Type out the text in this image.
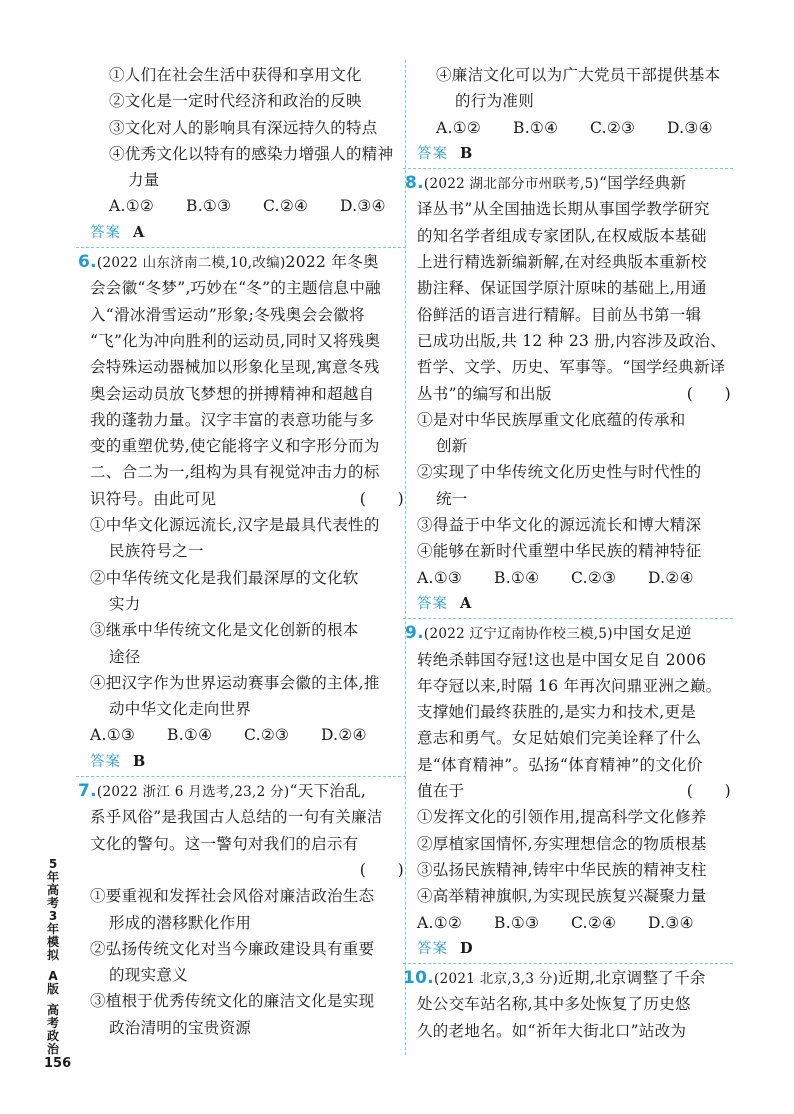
①人们在社会生活中获得和享用文化
②文化是一定时代经济和政治的反映
③文化对人的影响具有深远持久的特点
④优秀文化以特有的感染力增强人的精神
力量
A.①② B.①③ C.②④ D.③④
答案 A
6.(2022 山东济南二模,10,改编)2022 年冬奥
会会徽“冬梦”,巧妙在“冬”的主题信息中融
入“滑冰滑雪运动”形象;冬残奥会会徽将
“飞”化为冲向胜利的运动员,同时又将残奥
会特殊运动器械加以形象化呈现,寓意冬残
奥会运动员放飞梦想的拼搏精神和超越自
我的蓬勃力量。汉字丰富的表意功能与多
变的重塑优势,使它能将字义和字形分而为
二、合二为一,组构为具有视觉冲击力的标
识符号。由此可见	(　　)
①中华文化源远流长,汉字是最具代表性的
民族符号之一
②中华传统文化是我们最深厚的文化软
实力
③继承中华传统文化是文化创新的根本
途径
④把汉字作为世界运动赛事会徽的主体,推
动中华文化走向世界
A.①③ B.①④ C.②③ D.②④
答案 B
7.(2022 浙江 6 月选考,23,2 分)“天下治乱,
系乎风俗”是我国古人总结的一句有关廉洁
文化的警句。这一警句对我们的启示有
(　　)
①要重视和发挥社会风俗对廉洁政治生态
形成的潜移默化作用
②弘扬传统文化对当今廉政建设具有重要
的现实意义
③植根于优秀传统文化的廉洁文化是实现
政治清明的宝贵资源
④廉洁文化可以为广大党员干部提供基本
的行为准则
A.①② B.①④ C.②③ D.③④
答案 B
8.(2022 湖北部分市州联考,5)“国学经典新
译丛书”从全国抽选长期从事国学教学研究
的知名学者组成专家团队,在权威版本基础
上进行精选新编新解,在对经典版本重新校
勘注释、保证国学原汁原味的基础上,用通
俗鲜活的语言进行精解。目前丛书第一辑
已成功出版,共 12 种 23 册,内容涉及政治、
哲学、文学、历史、军事等。“国学经典新译
丛书”的编写和出版	(　　)
①是对中华民族厚重文化底蕴的传承和
创新
②实现了中华传统文化历史性与时代性的
统一
③得益于中华文化的源远流长和博大精深
④能够在新时代重塑中华民族的精神特征
A.①③ B.①④ C.②③ D.②④
答案 A
9.(2022 辽宁辽南协作校三模,5)中国女足逆
转绝杀韩国夺冠!这也是中国女足自 2006
年夺冠以来,时隔 16 年再次问鼎亚洲之巅。
支撑她们最终获胜的,是实力和技术,更是
意志和勇气。女足姑娘们完美诠释了什么
是“体育精神”。弘扬“体育精神”的文化价
值在于	(　　)
①发挥文化的引领作用,提高科学文化修养
②厚植家国情怀,夯实理想信念的物质根基
③弘扬民族精神,铸牢中华民族的精神支柱
④高举精神旗帜,为实现民族复兴凝聚力量
A.①② B.①③ C.②④ D.③④
答案 D
10.(2021 北京,3,3 分)近期,北京调整了千余
处公交车站名称,其中多处恢复了历史悠
久的老地名。如“祈年大街北口”站改为
5
年
高
考
3
年
模
拟
A
版
高
考
政
治
156
